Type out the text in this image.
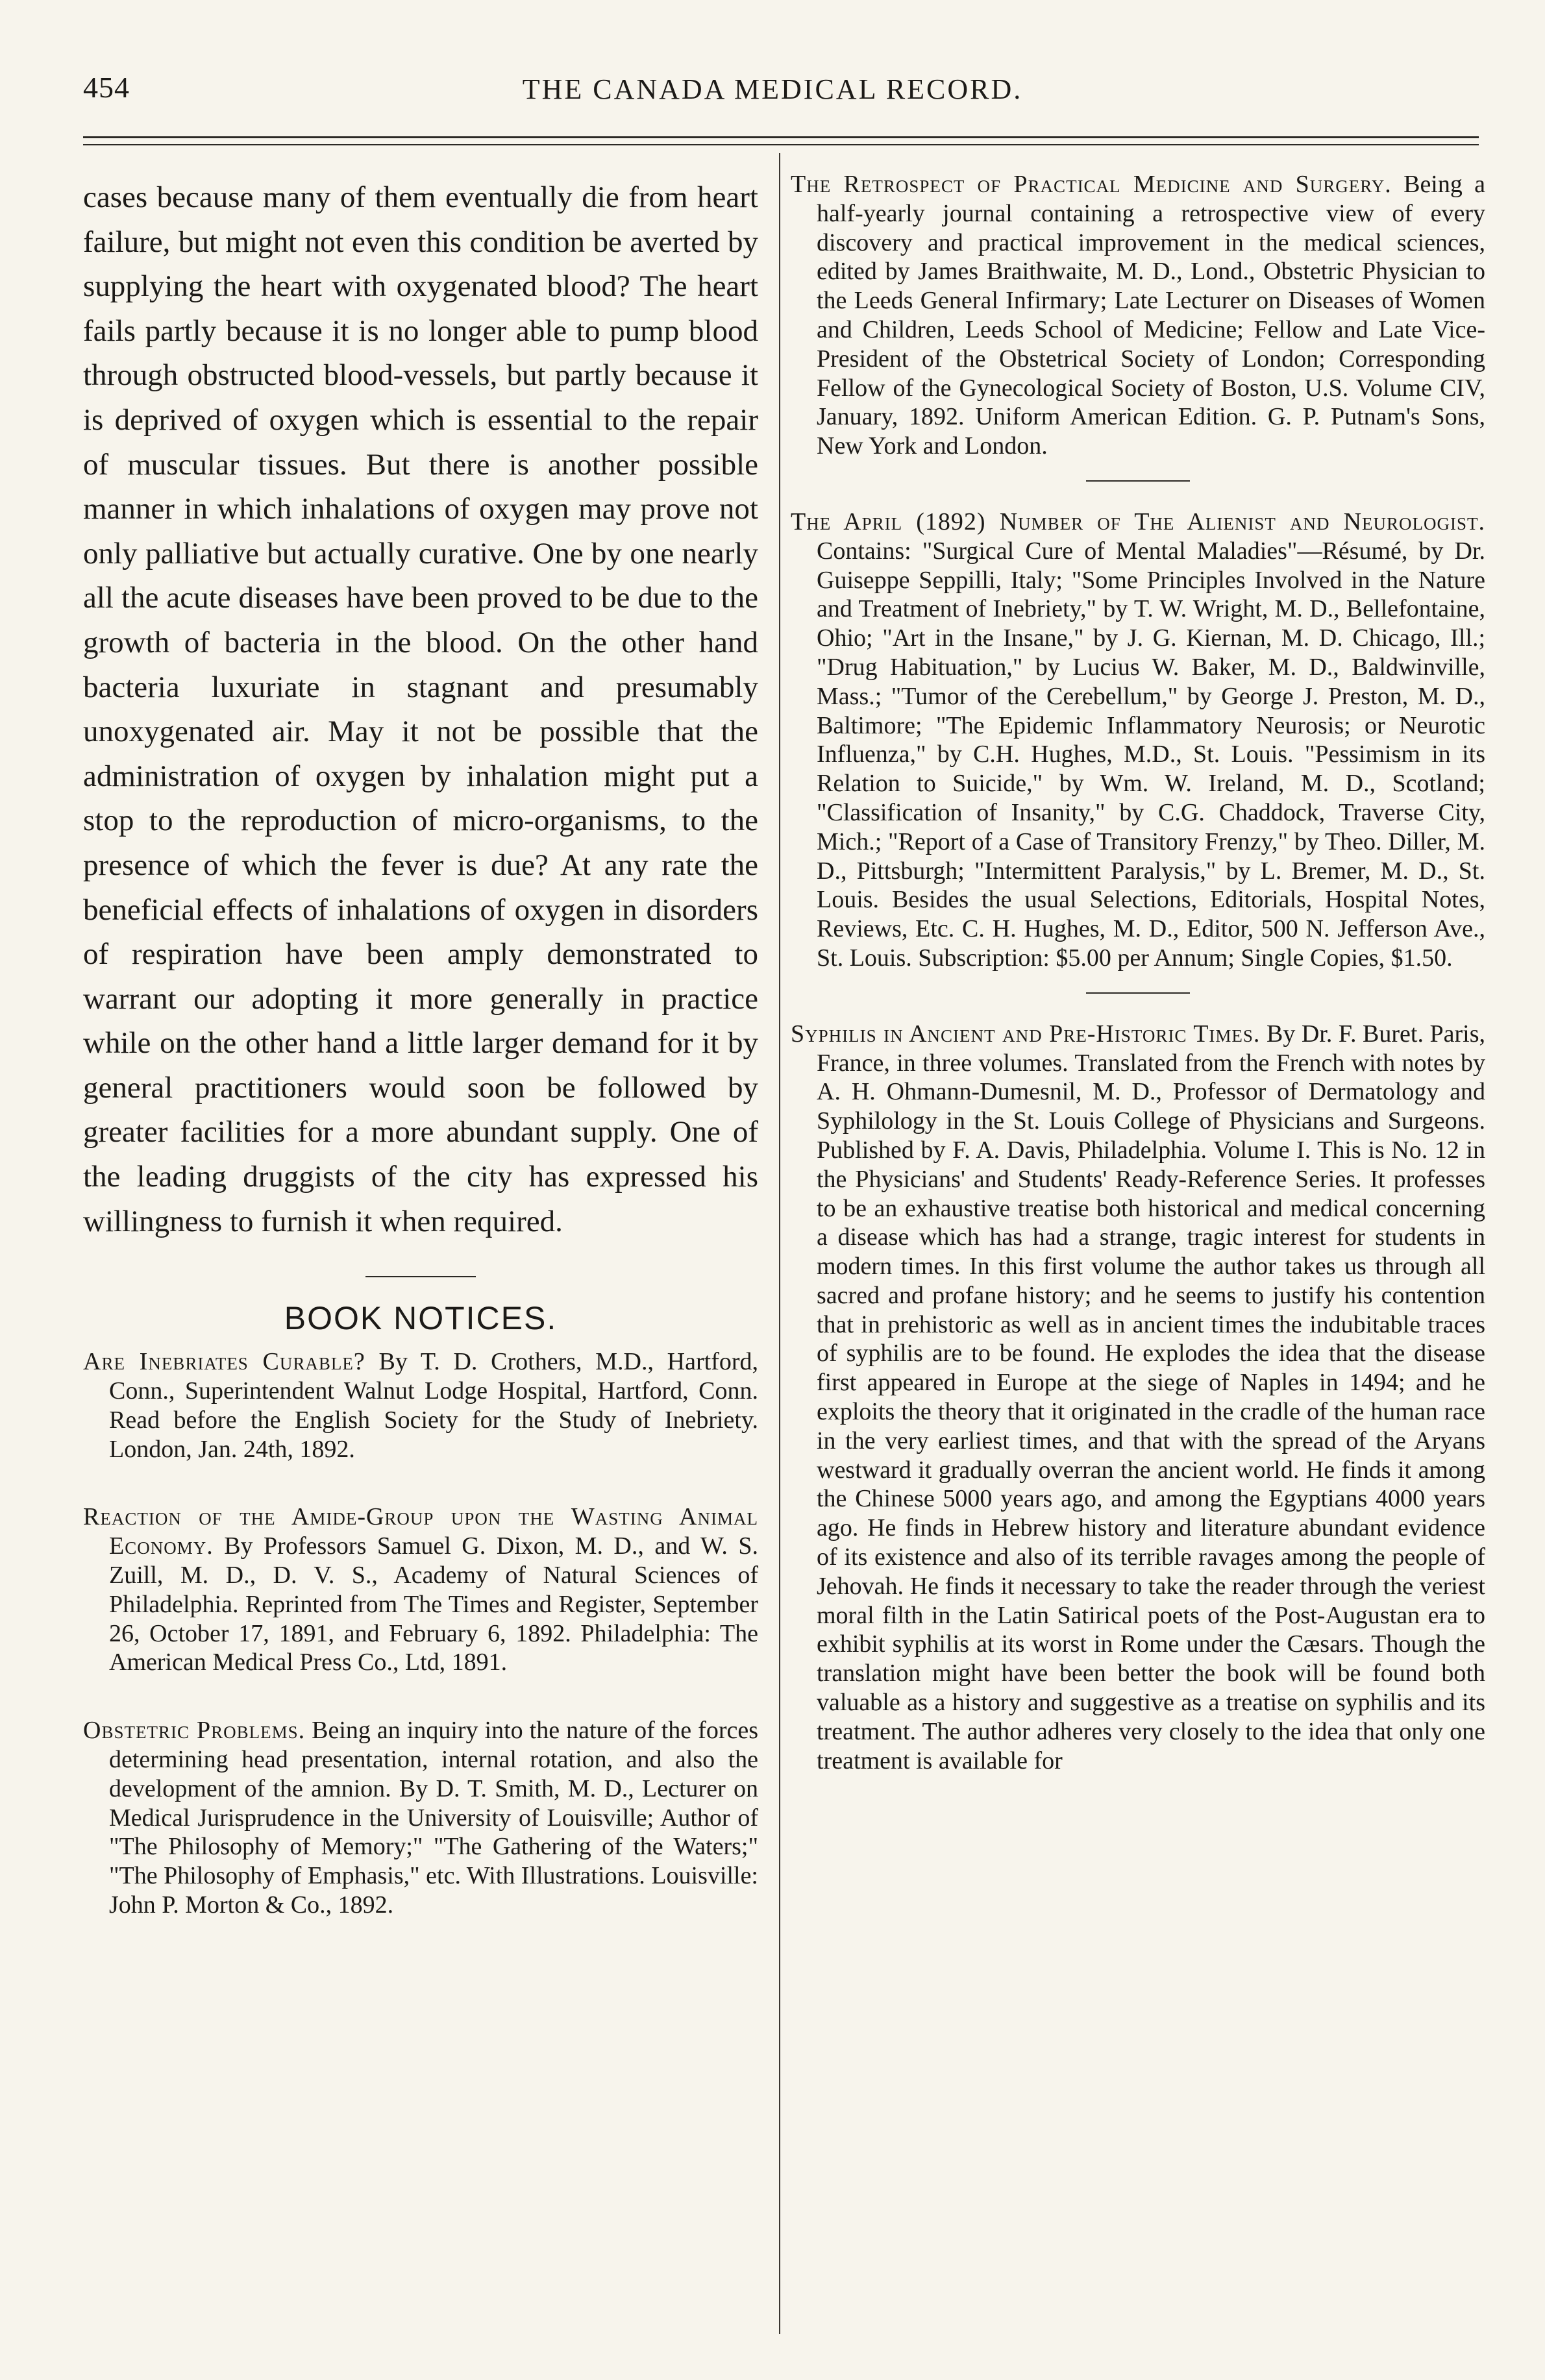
454	THE CANADA MEDICAL RECORD.

cases because many of them eventually die from heart failure, but might not even this condition be averted by supplying the heart with oxygenated blood? The heart fails partly because it is no longer able to pump blood through obstructed blood-vessels, but partly because it is deprived of oxygen which is essential to the repair of muscular tissues. But there is another possible manner in which inhalations of oxygen may prove not only palliative but actually curative. One by one nearly all the acute diseases have been proved to be due to the growth of bacteria in the blood. On the other hand bacteria luxuriate in stagnant and presumably unoxygenated air. May it not be possible that the administration of oxygen by inhalation might put a stop to the reproduction of micro-organisms, to the presence of which the fever is due? At any rate the beneficial effects of inhalations of oxygen in disorders of respiration have been amply demonstrated to warrant our adopting it more generally in practice while on the other hand a little larger demand for it by general practitioners would soon be followed by greater facilities for a more abundant supply. One of the leading druggists of the city has expressed his willingness to furnish it when required.

BOOK NOTICES.

Are Inebriates Curable? By T. D. Crothers, M.D., Hartford, Conn., Superintendent Walnut Lodge Hospital, Hartford, Conn. Read before the English Society for the Study of Inebriety. London, Jan. 24th, 1892.

Reaction of the Amide-Group upon the Wasting Animal Economy. By Professors Samuel G. Dixon, M. D., and W. S. Zuill, M. D., D. V. S., Academy of Natural Sciences of Philadelphia. Reprinted from The Times and Register, September 26, October 17, 1891, and February 6, 1892. Philadelphia: The American Medical Press Co., Ltd, 1891.

Obstetric Problems. Being an inquiry into the nature of the forces determining head presentation, internal rotation, and also the development of the amnion. By D. T. Smith, M. D., Lecturer on Medical Jurisprudence in the University of Louisville; Author of "The Philosophy of Memory;" "The Gathering of the Waters;" "The Philosophy of Emphasis," etc. With Illustrations. Louisville: John P. Morton & Co., 1892.

The Retrospect of Practical Medicine and Surgery. Being a half-yearly journal containing a retrospective view of every discovery and practical improvement in the medical sciences, edited by James Braithwaite, M. D., Lond., Obstetric Physician to the Leeds General Infirmary; Late Lecturer on Diseases of Women and Children, Leeds School of Medicine; Fellow and Late Vice-President of the Obstetrical Society of London; Corresponding Fellow of the Gynecological Society of Boston, U.S. Volume CIV, January, 1892. Uniform American Edition. G. P. Putnam's Sons, New York and London.

The April (1892) Number of The Alienist and Neurologist. Contains: "Surgical Cure of Mental Maladies"—Résumé, by Dr. Guiseppe Seppilli, Italy; "Some Principles Involved in the Nature and Treatment of Inebriety," by T. W. Wright, M. D., Bellefontaine, Ohio; "Art in the Insane," by J. G. Kiernan, M. D. Chicago, Ill.; "Drug Habituation," by Lucius W. Baker, M. D., Baldwinville, Mass.; "Tumor of the Cerebellum," by George J. Preston, M. D., Baltimore; "The Epidemic Inflammatory Neurosis; or Neurotic Influenza," by C.H. Hughes, M.D., St. Louis. "Pessimism in its Relation to Suicide," by Wm. W. Ireland, M. D., Scotland; "Classification of Insanity," by C.G. Chaddock, Traverse City, Mich.; "Report of a Case of Transitory Frenzy," by Theo. Diller, M. D., Pittsburgh; "Intermittent Paralysis," by L. Bremer, M. D., St. Louis. Besides the usual Selections, Editorials, Hospital Notes, Reviews, Etc. C. H. Hughes, M. D., Editor, 500 N. Jefferson Ave., St. Louis. Subscription: $5.00 per Annum; Single Copies, $1.50.

Syphilis in Ancient and Pre-Historic Times. By Dr. F. Buret. Paris, France, in three volumes. Translated from the French with notes by A. H. Ohmann-Dumesnil, M. D., Professor of Dermatology and Syphilology in the St. Louis College of Physicians and Surgeons. Published by F. A. Davis, Philadelphia. Volume I. This is No. 12 in the Physicians' and Students' Ready-Reference Series. It professes to be an exhaustive treatise both historical and medical concerning a disease which has had a strange, tragic interest for students in modern times. In this first volume the author takes us through all sacred and profane history; and he seems to justify his contention that in prehistoric as well as in ancient times the indubitable traces of syphilis are to be found. He explodes the idea that the disease first appeared in Europe at the siege of Naples in 1494; and he exploits the theory that it originated in the cradle of the human race in the very earliest times, and that with the spread of the Aryans westward it gradually overran the ancient world. He finds it among the Chinese 5000 years ago, and among the Egyptians 4000 years ago. He finds in Hebrew history and literature abundant evidence of its existence and also of its terrible ravages among the people of Jehovah. He finds it necessary to take the reader through the veriest moral filth in the Latin Satirical poets of the Post-Augustan era to exhibit syphilis at its worst in Rome under the Cæsars. Though the translation might have been better the book will be found both valuable as a history and suggestive as a treatise on syphilis and its treatment. The author adheres very closely to the idea that only one treatment is available for
